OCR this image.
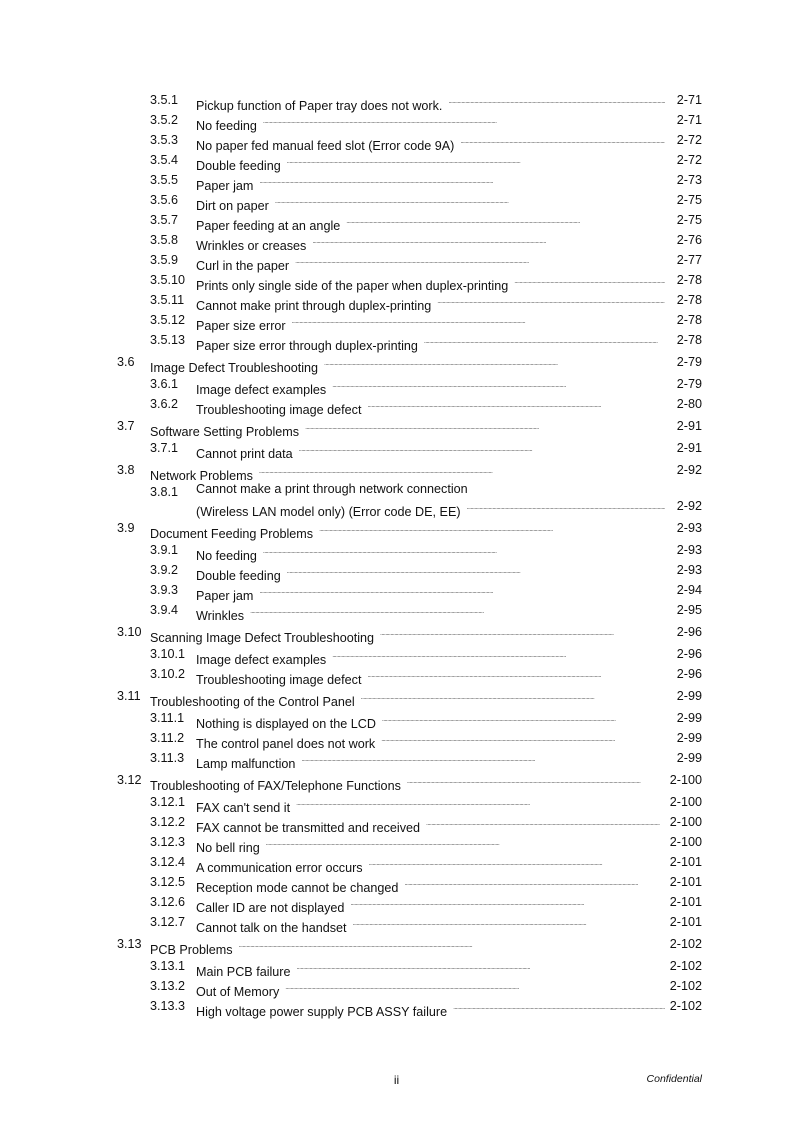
3.5.1 Pickup function of Paper tray does not work. . . .	2-71
3.5.2 No feeding . . .	2-71
3.5.3 No paper fed manual feed slot (Error code 9A) . . .	2-72
3.5.4 Double feeding . . .	2-72
3.5.5 Paper jam . . .	2-73
3.5.6 Dirt on paper . . .	2-75
3.5.7 Paper feeding at an angle . . .	2-75
3.5.8 Wrinkles or creases . . .	2-76
3.5.9 Curl in the paper . . .	2-77
3.5.10 Prints only single side of the paper when duplex-printing . . .	2-78
3.5.11 Cannot make print through duplex-printing . . .	2-78
3.5.12 Paper size error . . .	2-78
3.5.13 Paper size error through duplex-printing . . .	2-78
3.6 Image Defect Troubleshooting . . .	2-79
3.6.1 Image defect examples . . .	2-79
3.6.2 Troubleshooting image defect . . .	2-80
3.7 Software Setting Problems . . .	2-91
3.7.1 Cannot print data . . .	2-91
3.8 Network Problems . . .	2-92
3.8.1 Cannot make a print through network connection
(Wireless LAN model only) (Error code DE, EE) . . .	2-92
3.9 Document Feeding Problems . . .	2-93
3.9.1 No feeding . . .	2-93
3.9.2 Double feeding . . .	2-93
3.9.3 Paper jam . . .	2-94
3.9.4 Wrinkles . . .	2-95
3.10 Scanning Image Defect Troubleshooting . . .	2-96
3.10.1 Image defect examples . . .	2-96
3.10.2 Troubleshooting image defect . . .	2-96
3.11 Troubleshooting of the Control Panel . . .	2-99
3.11.1 Nothing is displayed on the LCD . . .	2-99
3.11.2 The control panel does not work . . .	2-99
3.11.3 Lamp malfunction . . .	2-99
3.12 Troubleshooting of FAX/Telephone Functions . . .	2-100
3.12.1 FAX can't send it . . .	2-100
3.12.2 FAX cannot be transmitted and received . . .	2-100
3.12.3 No bell ring . . .	2-100
3.12.4 A communication error occurs . . .	2-101
3.12.5 Reception mode cannot be changed . . .	2-101
3.12.6 Caller ID are not displayed . . .	2-101
3.12.7 Cannot talk on the handset . . .	2-101
3.13 PCB Problems . . .	2-102
3.13.1 Main PCB failure . . .	2-102
3.13.2 Out of Memory . . .	2-102
3.13.3 High voltage power supply PCB ASSY failure . . .	2-102
ii	Confidential
